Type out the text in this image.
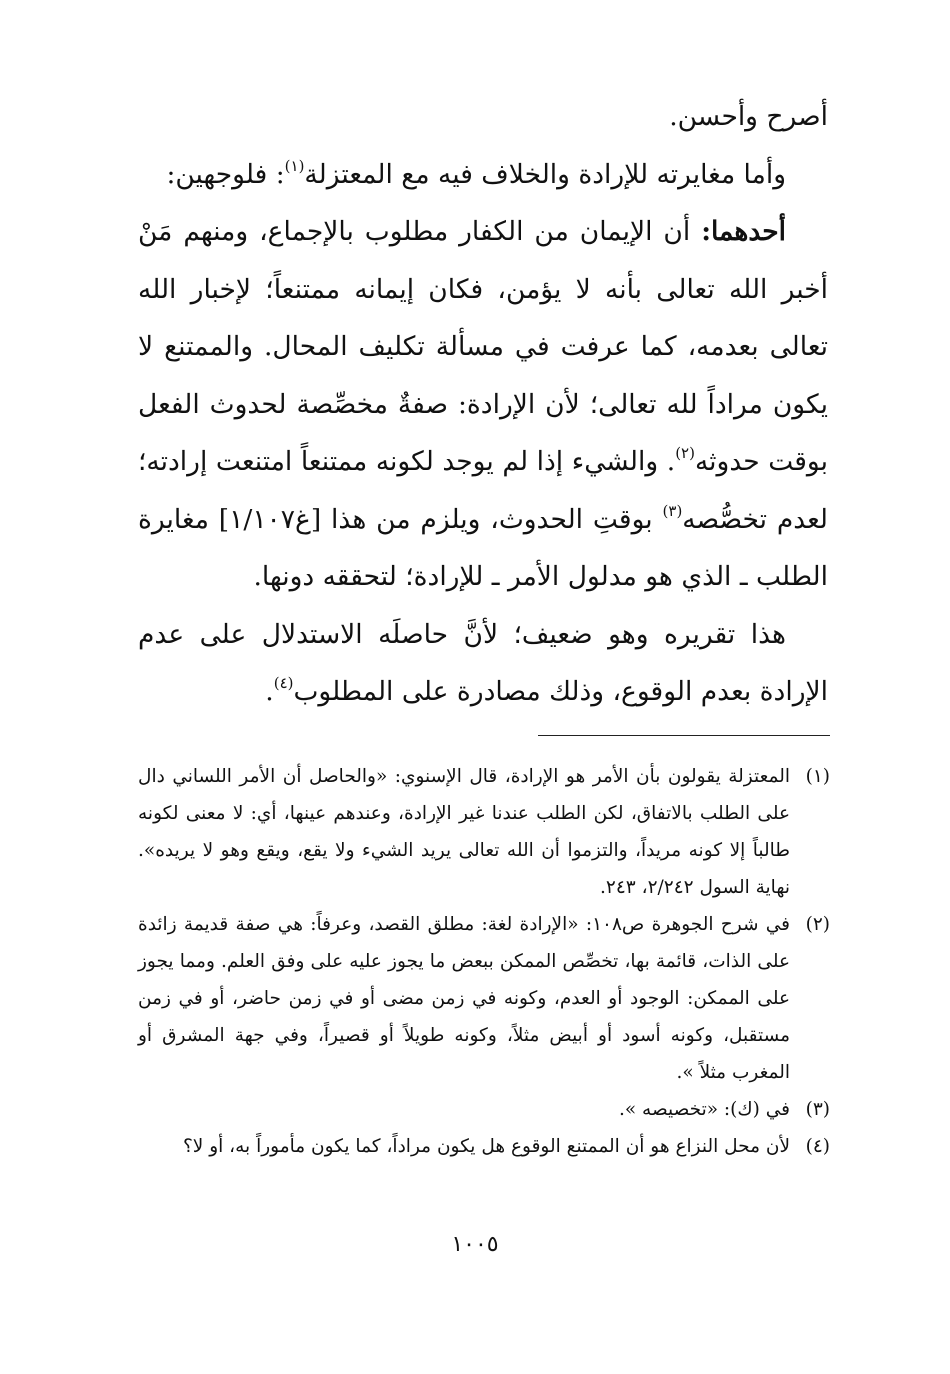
أصرح وأحسن.

وأما مغايرته للإرادة والخلاف فيه مع المعتزلة$^{(١)}$: فلوجهين:

أحدهما: أن الإيمان من الكفار مطلوب بالإجماع، ومنهم مَنْ أخبر الله تعالى بأنه لا يؤمن، فكان إيمانه ممتنعاً؛ لإخبار الله تعالى بعدمه، كما عرفت في مسألة تكليف المحال. والممتنع لا يكون مراداً لله تعالى؛ لأن الإرادة: صفةٌ مخصِّصة لحدوث الفعل بوقت حدوثه$^{(٢)}$. والشيء إذا لم يوجد لكونه ممتنعاً امتنعت إرادته؛ لعدم تخصُّصه$^{(٣)}$ بوقتِ الحدوث، ويلزم من هذا [غ١/١٠٧] مغايرة الطلب ـ الذي هو مدلول الأمر ـ للإرادة؛ لتحققه دونها.

هذا تقريره وهو ضعيف؛ لأنَّ حاصلَه الاستدلال على عدم الإرادة بعدم الوقوع، وذلك مصادرة على المطلوب$^{(٤)}$.

(١)
المعتزلة يقولون بأن الأمر هو الإرادة، قال الإسنوي: «والحاصل أن الأمر اللساني دال على الطلب بالاتفاق، لكن الطلب عندنا غير الإرادة، وعندهم عينها، أي: لا معنى لكونه طالباً إلا كونه مريداً، والتزموا أن الله تعالى يريد الشيء ولا يقع، ويقع وهو لا يريده». نهاية السول ٢/٢٤٢، ٢٤٣.
(٢)
في شرح الجوهرة ص١٠٨: «الإرادة لغة: مطلق القصد، وعرفاً: هي صفة قديمة زائدة على الذات، قائمة بها، تخصِّص الممكن ببعض ما يجوز عليه على وفق العلم. ومما يجوز على الممكن: الوجود أو العدم، وكونه في زمن مضى أو في زمن حاضر، أو في زمن مستقبل، وكونه أسود أو أبيض مثلاً، وكونه طويلاً أو قصيراً، وفي جهة المشرق أو المغرب مثلاً ».
(٣)
في (ك): «تخصيصه ».
(٤)
لأن محل النزاع هو أن الممتنع الوقوع هل يكون مراداً، كما يكون مأموراً به، أو لا؟
١٠٠٥
